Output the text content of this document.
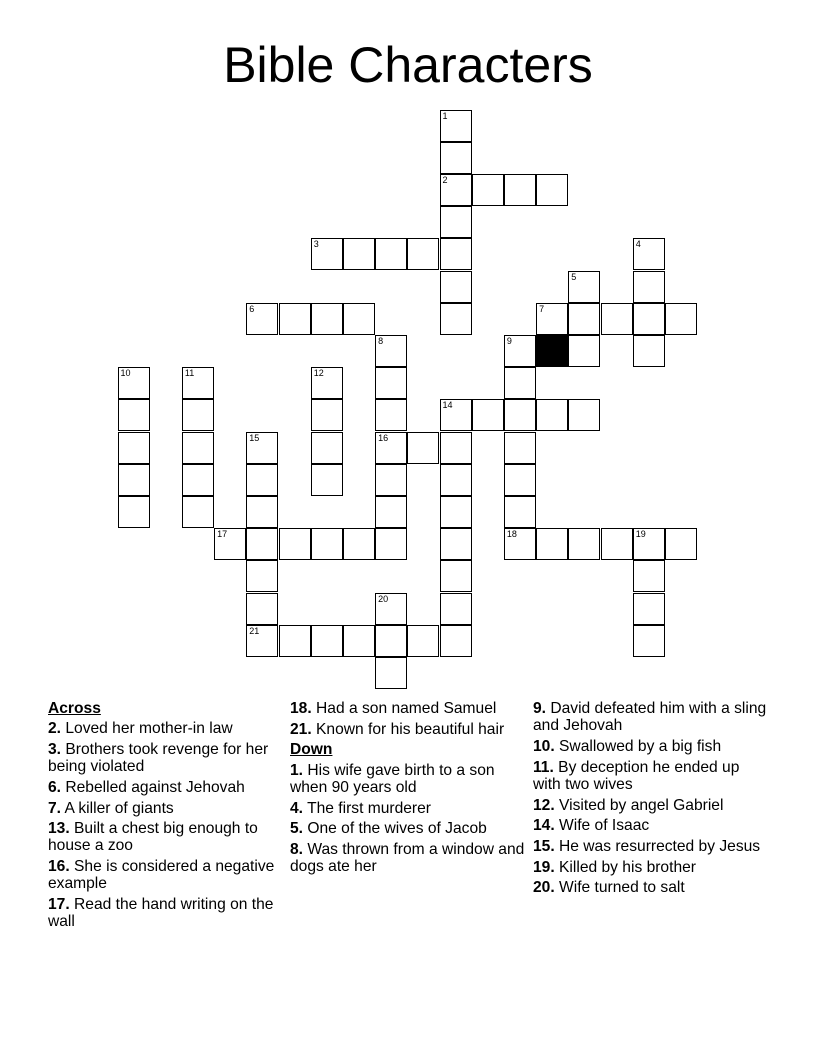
Bible Characters
2
3
6	7
16
17	18	19
21
1
4
5
8	9
10	11	12
14
15
20
Across
2. Loved her mother-in law
3. Brothers took revenge for her being violated
6. Rebelled against Jehovah
7. A killer of giants
13. Built a chest big enough to house a zoo
16. She is considered a negative example
17. Read the hand writing on the wall
18. Had a son named Samuel
21. Known for his beautiful hair
Down
1. His wife gave birth to a son when 90 years old
4. The first murderer
5. One of the wives of Jacob
8. Was thrown from a window and dogs ate her
9. David defeated him with a sling and Jehovah
10. Swallowed by a big fish
11. By deception he ended up with two wives
12. Visited by angel Gabriel
14. Wife of Isaac
15. He was resurrected by Jesus
19. Killed by his brother
20. Wife turned to salt
